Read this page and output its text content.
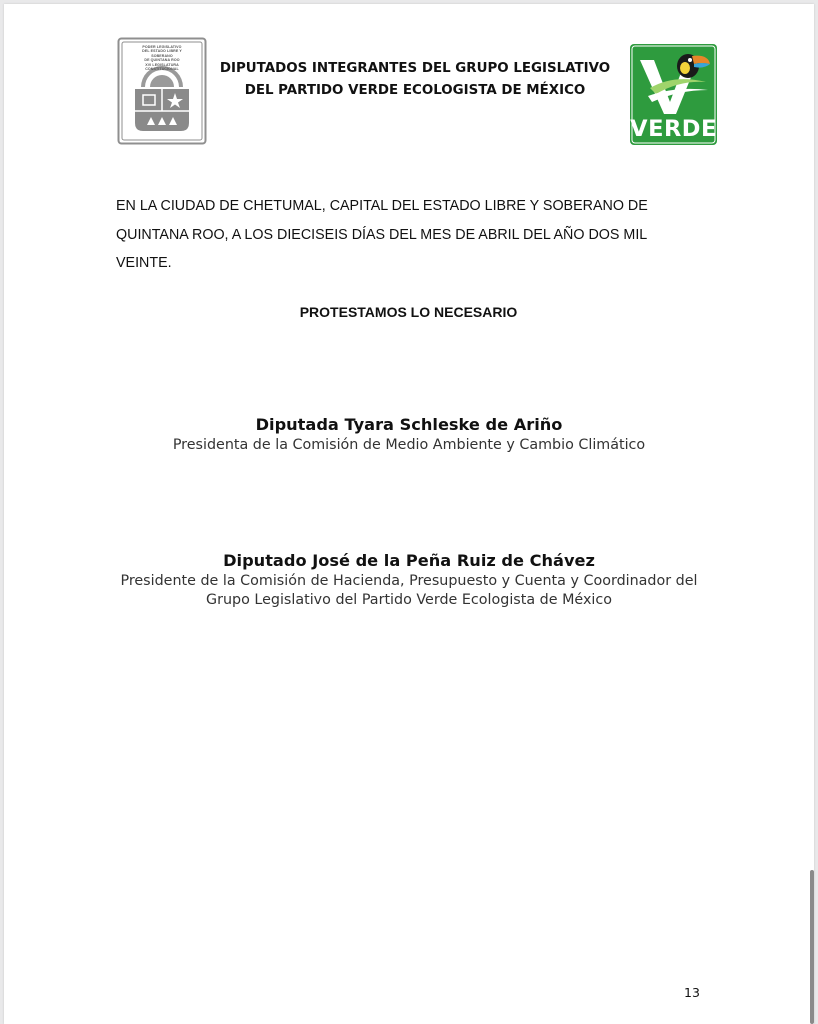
PODER LEGISLATIVO
DEL ESTADO LIBRE Y SOBERANO
DE QUINTANA ROO
XVI LEGISLATURA CONSTITUCIONAL	DIPUTADOS INTEGRANTES DEL GRUPO LEGISLATIVO
DEL PARTIDO VERDE ECOLOGISTA DE MÉXICO
VERDE

EN LA CIUDAD DE CHETUMAL, CAPITAL DEL ESTADO LIBRE Y SOBERANO DE
QUINTANA ROO, A LOS DIECISEIS DÍAS DEL MES DE ABRIL DEL AÑO DOS MIL
VEINTE.

PROTESTAMOS LO NECESARIO
Diputada Tyara Schleske de Ariño
Presidenta de la Comisión de Medio Ambiente y Cambio Climático
Diputado José de la Peña Ruiz de Chávez
Presidente de la Comisión de Hacienda, Presupuesto y Cuenta y Coordinador del
Grupo Legislativo del Partido Verde Ecologista de México
13
